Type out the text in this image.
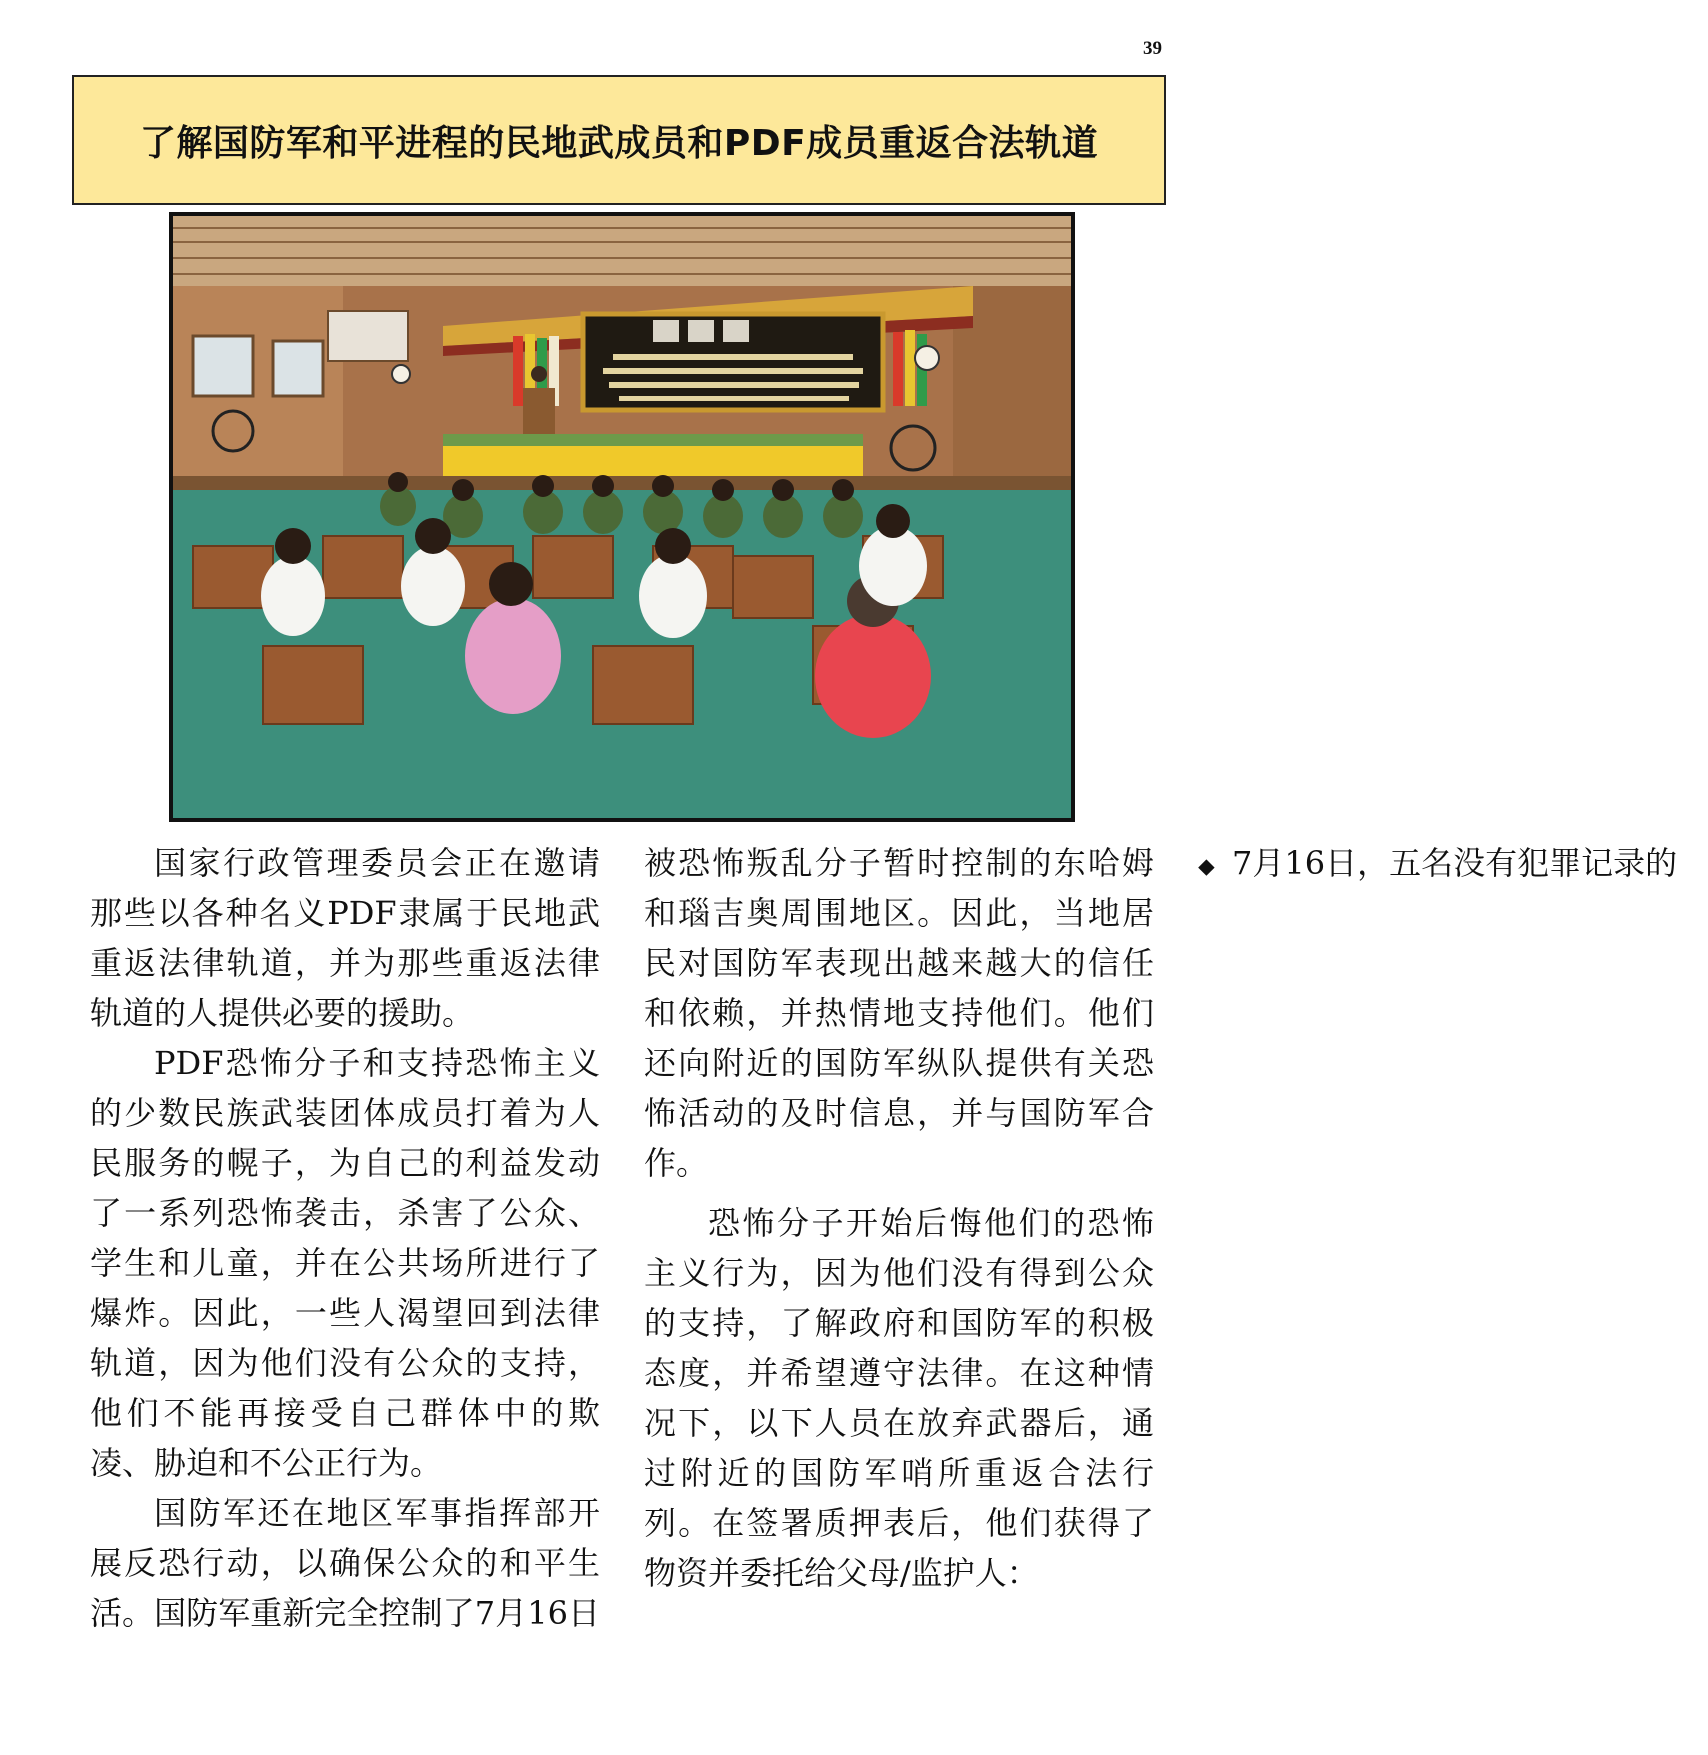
39
了解国防军和平进程的民地武成员和PDF成员重返合法轨道

国家行政管理委员会正在邀请那些以各种名义PDF隶属于民地武重返法律轨道，并为那些重返法律轨道的人提供必要的援助。

PDF恐怖分子和支持恐怖主义的少数民族武装团体成员打着为人民服务的幌子，为自己的利益发动了一系列恐怖袭击，杀害了公众、学生和儿童，并在公共场所进行了爆炸。因此，一些人渴望回到法律轨道，因为他们没有公众的支持，他们不能再接受自己群体中的欺凌、胁迫和不公正行为。

国防军还在地区军事指挥部开展反恐行动，以确保公众的和平生活。国防军重新完全控制了7月16日被恐怖叛乱分子暂时控制的东哈姆和瑙吉奥周围地区。因此，当地居民对国防军表现出越来越大的信任和依赖，并热情地支持他们。他们还向附近的国防军纵队提供有关恐怖活动的及时信息，并与国防军合作。

恐怖分子开始后悔他们的恐怖主义行为，因为他们没有得到公众的支持，了解政府和国防军的积极态度，并希望遵守法律。在这种情况下，以下人员在放弃武器后，通过附近的国防军哨所重返合法行列。在签署质押表后，他们获得了物资并委托给父母/监护人：

⬥ 7月16日，五名没有犯罪记录的
